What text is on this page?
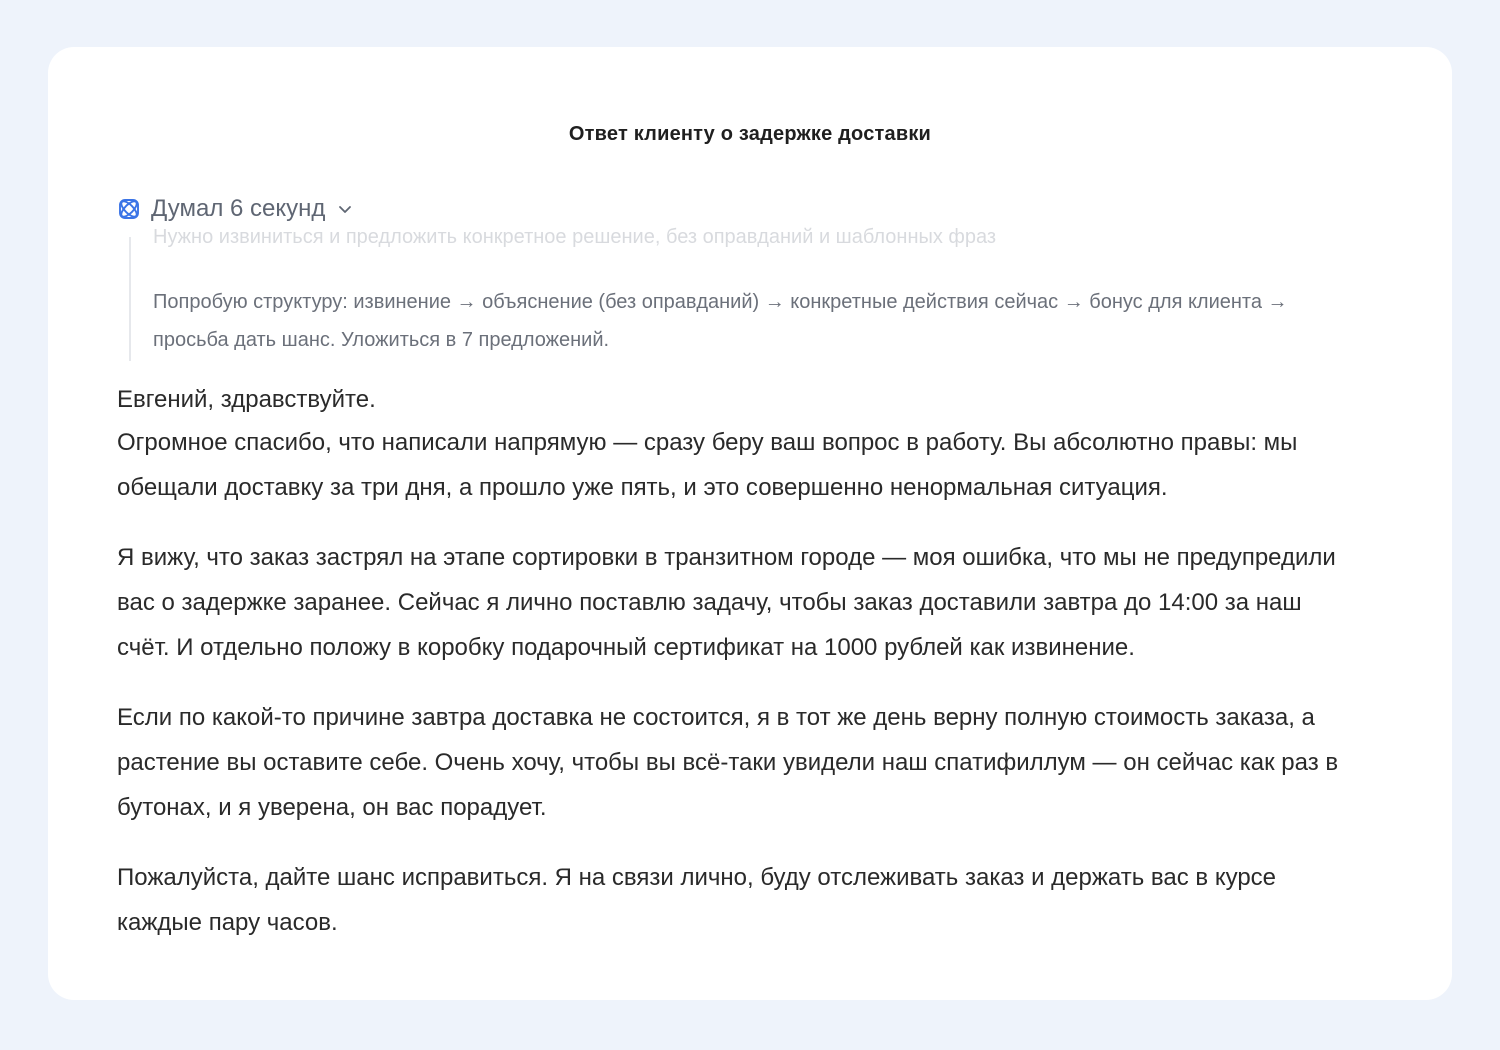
Ответ клиенту о задержке доставки
Думал 6 секунд
Нужно извиниться и предложить конкретное решение, без оправданий и шаблонных фраз
Попробую структуру: извинение → объяснение (без оправданий) → конкретные действия сейчас → бонус для клиента → просьба дать шанс. Уложиться в 7 предложений.

Евгений, здравствуйте.

Огромное спасибо, что написали напрямую — сразу беру ваш вопрос в работу. Вы абсолютно правы: мы обещали доставку за три дня, а прошло уже пять, и это совершенно ненормальная ситуация.

Я вижу, что заказ застрял на этапе сортировки в транзитном городе — моя ошибка, что мы не предупредили вас о задержке заранее. Сейчас я лично поставлю задачу, чтобы заказ доставили завтра до 14:00 за наш счёт. И отдельно положу в коробку подарочный сертификат на 1000 рублей как извинение.

Если по какой-то причине завтра доставка не состоится, я в тот же день верну полную стоимость заказа, а растение вы оставите себе. Очень хочу, чтобы вы всё-таки увидели наш спатифиллум — он сейчас как раз в бутонах, и я уверена, он вас порадует.

Пожалуйста, дайте шанс исправиться. Я на связи лично, буду отслеживать заказ и держать вас в курсе каждые пару часов.
